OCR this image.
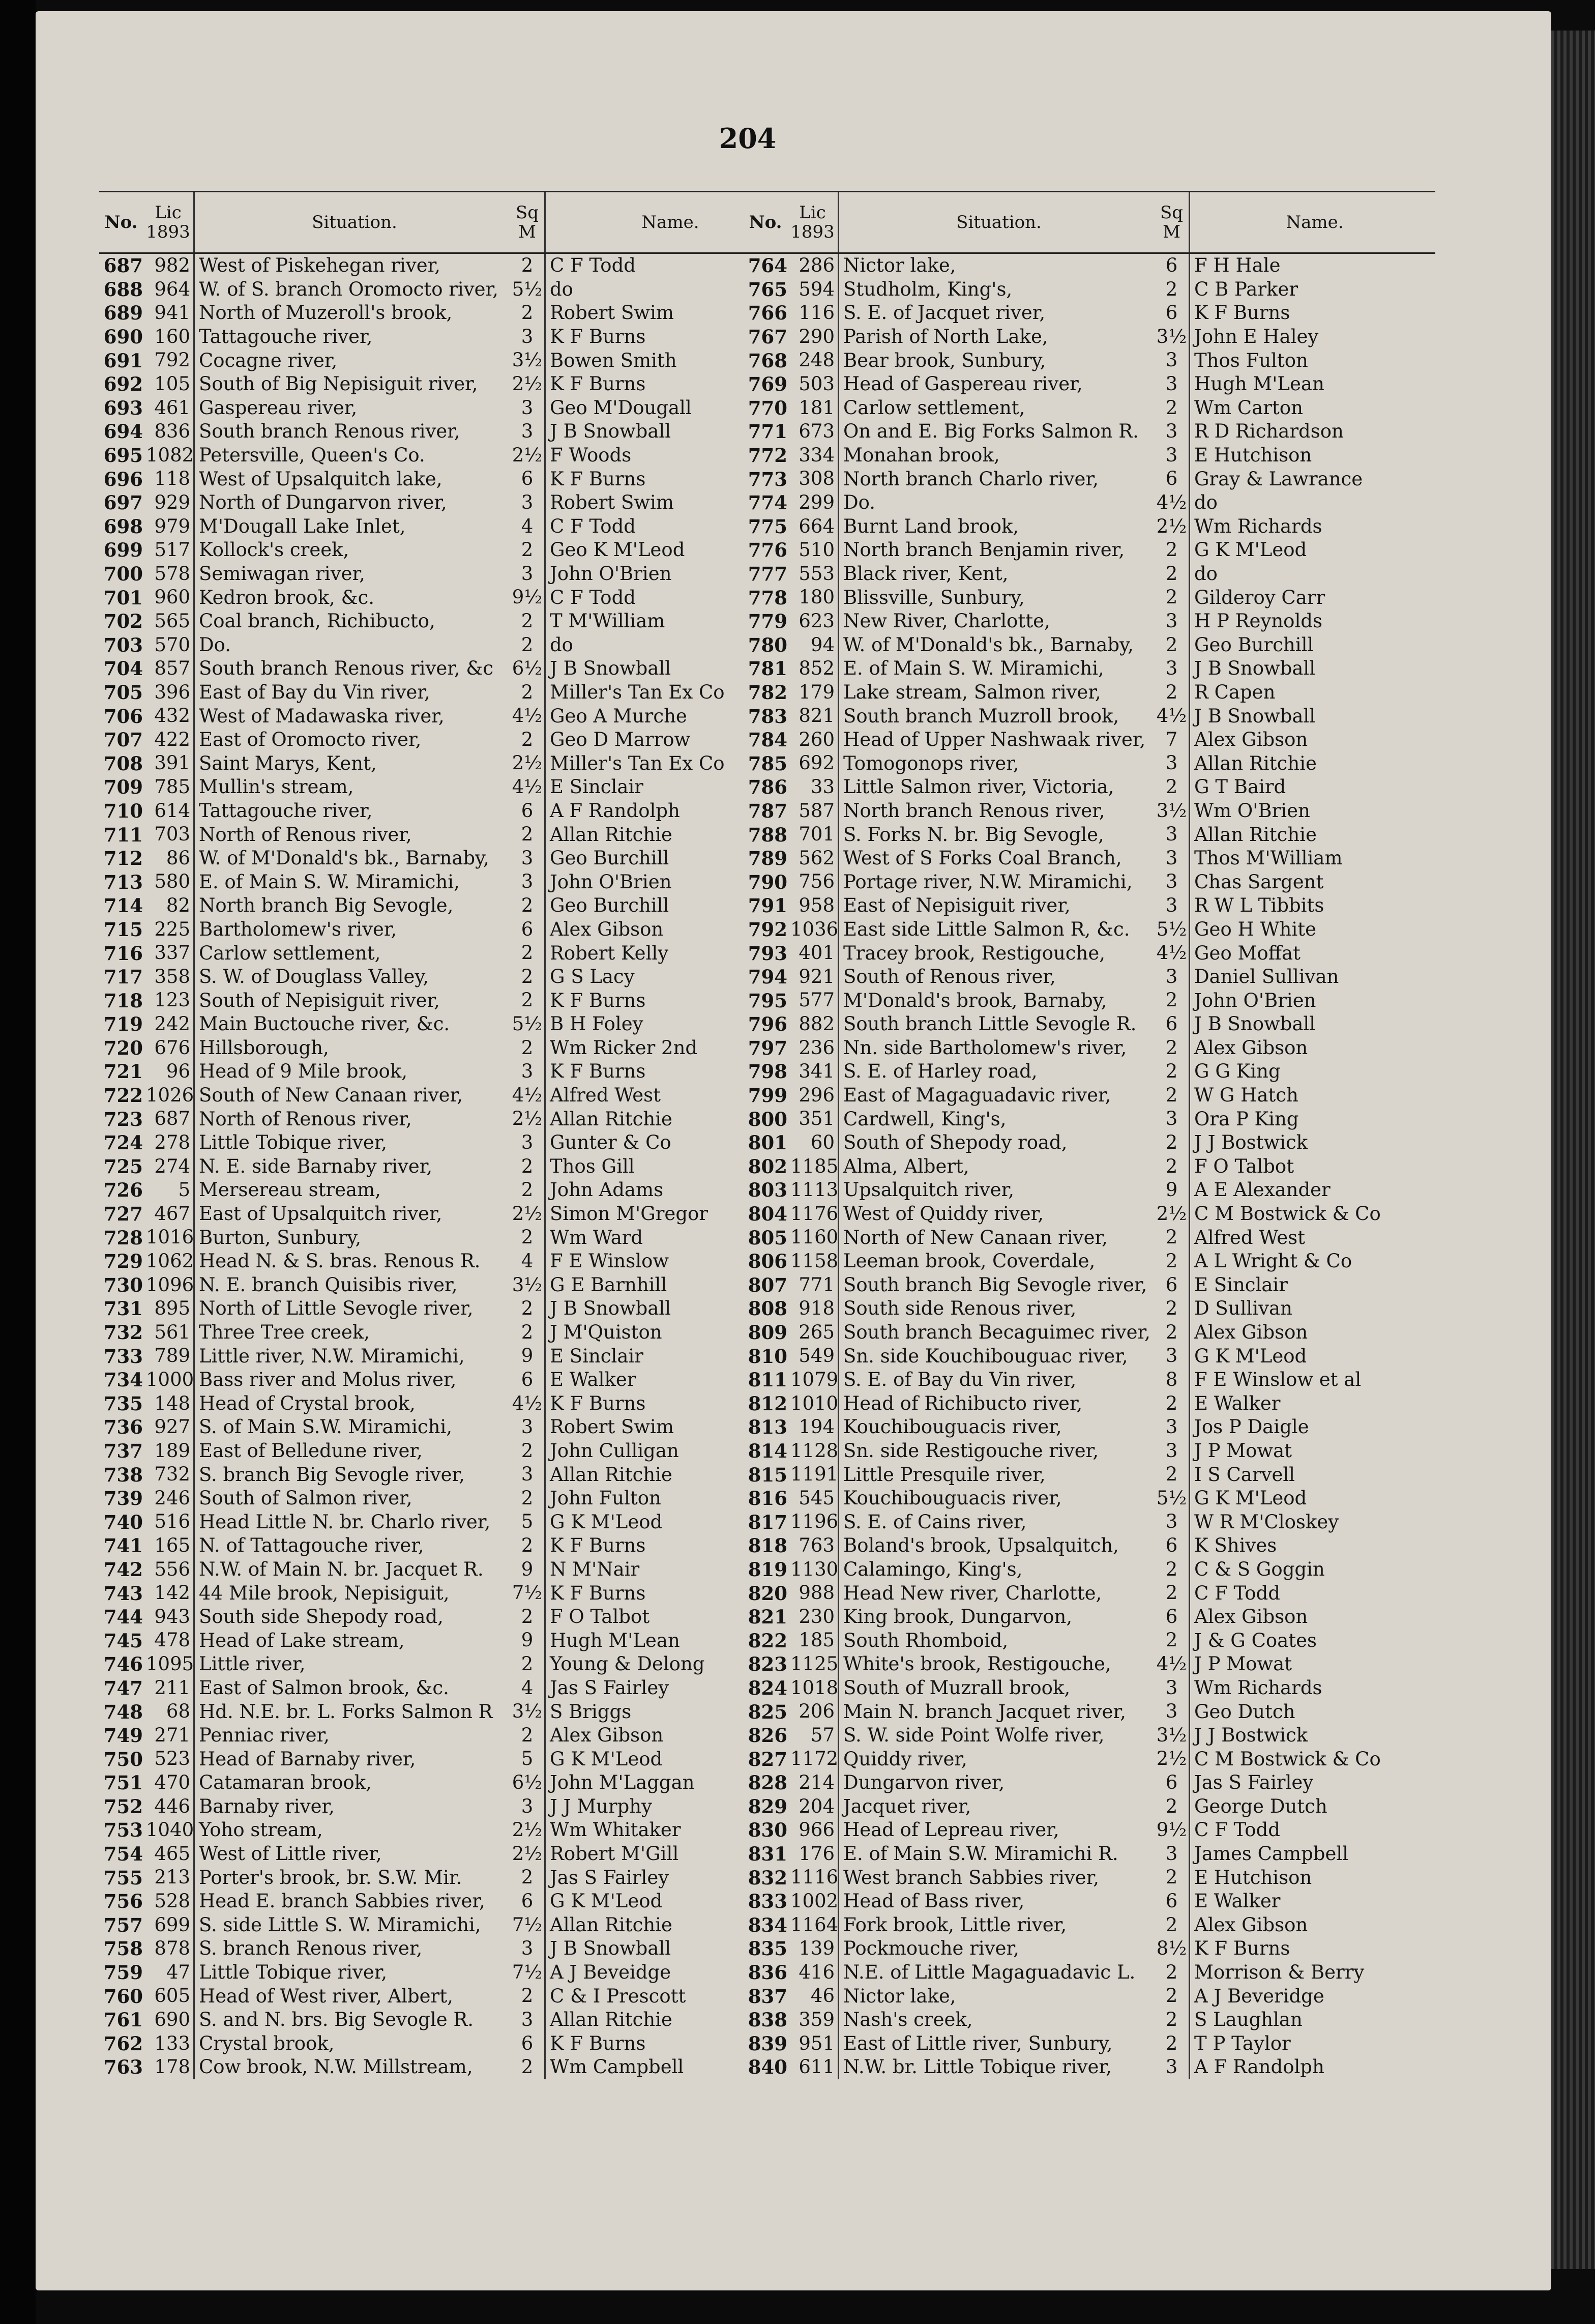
204
No. Lic 1893	Situation.	Sq M	Name.
687 982 West of Piskehegan river,	2 C F Todd
688 964 W. of S. branch Oromocto river, 5½ do
689 941 North of Muzeroll's brook,	2 Robert Swim
690 160 Tattagouche river,	3 K F Burns
691 792 Cocagne river,	3½ Bowen Smith
692 105 South of Big Nepisiguit river,	2½ K F Burns
693 461 Gaspereau river,	3 Geo M'Dougall
694 836 South branch Renous river,	3 J B Snowball
695 1082 Petersville, Queen's Co.	2½ F Woods
696 118 West of Upsalquitch lake,	6 K F Burns
697 929 North of Dungarvon river,	3 Robert Swim
698 979 M'Dougall Lake Inlet,	4 C F Todd
699 517 Kollock's creek,	2 Geo K M'Leod
700 578 Semiwagan river,	3 John O'Brien
701 960 Kedron brook, &c.	9½ C F Todd
702 565 Coal branch, Richibucto,	2 T M'William
703 570 Do.	2 do
704 857 South branch Renous river, &c 6½ J B Snowball
705 396 East of Bay du Vin river,	2 Miller's Tan Ex Co
706 432 West of Madawaska river,	4½ Geo A Murche
707 422 East of Oromocto river,	2 Geo D Marrow
708 391 Saint Marys, Kent,	2½ Miller's Tan Ex Co
709 785 Mullin's stream,	4½ E Sinclair
710 614 Tattagouche river,	6 A F Randolph
711 703 North of Renous river,	2 Allan Ritchie
712	86 W. of M'Donald's bk., Barnaby,	3 Geo Burchill
713 580 E. of Main S. W. Miramichi,	3 John O'Brien
714	82 North branch Big Sevogle,	2 Geo Burchill
715 225 Bartholomew's river,	6 Alex Gibson
716 337 Carlow settlement,	2 Robert Kelly
717 358 S. W. of Douglass Valley,	2 G S Lacy
718 123 South of Nepisiguit river,	2 K F Burns
719 242 Main Buctouche river, &c.	5½ B H Foley
720 676 Hillsborough,	2 Wm Ricker 2nd
721	96 Head of 9 Mile brook,	3 K F Burns
722 1026 South of New Canaan river,	4½ Alfred West
723 687 North of Renous river,	2½ Allan Ritchie
724 278 Little Tobique river,	3 Gunter & Co
725 274 N. E. side Barnaby river,	2 Thos Gill
726	5 Mersereau stream,	2 John Adams
727 467 East of Upsalquitch river,	2½ Simon M'Gregor
728 1016 Burton, Sunbury,	2 Wm Ward
729 1062 Head N. & S. bras. Renous R.	4 F E Winslow
730 1096 N. E. branch Quisibis river,	3½ G E Barnhill
731 895 North of Little Sevogle river,	2 J B Snowball
732 561 Three Tree creek,	2 J M'Quiston
733 789 Little river, N.W. Miramichi,	9 E Sinclair
734 1000 Bass river and Molus river,	6 E Walker
735 148 Head of Crystal brook,	4½ K F Burns
736 927 S. of Main S.W. Miramichi,	3 Robert Swim
737 189 East of Belledune river,	2 John Culligan
738 732 S. branch Big Sevogle river,	3 Allan Ritchie
739 246 South of Salmon river,	2 John Fulton
740 516 Head Little N. br. Charlo river,	5 G K M'Leod
741 165 N. of Tattagouche river,	2 K F Burns
742 556 N.W. of Main N. br. Jacquet R.	9 N M'Nair
743 142 44 Mile brook, Nepisiguit,	7½ K F Burns
744 943 South side Shepody road,	2 F O Talbot
745 478 Head of Lake stream,	9 Hugh M'Lean
746 1095 Little river,	2 Young & Delong
747 211 East of Salmon brook, &c.	4 Jas S Fairley
748	68 Hd. N.E. br. L. Forks Salmon R	3½ S Briggs
749 271 Penniac river,	2 Alex Gibson
750 523 Head of Barnaby river,	5 G K M'Leod
751 470 Catamaran brook,	6½ John M'Laggan
752 446 Barnaby river,	3 J J Murphy
753 1040 Yoho stream,	2½ Wm Whitaker
754 465 West of Little river,	2½ Robert M'Gill
755 213 Porter's brook, br. S.W. Mir.	2 Jas S Fairley
756 528 Head E. branch Sabbies river,	6 G K M'Leod
757 699 S. side Little S. W. Miramichi,	7½ Allan Ritchie
758 878 S. branch Renous river,	3 J B Snowball
759	47 Little Tobique river,	7½ A J Beveidge
760 605 Head of West river, Albert,	2 C & I Prescott
761 690 S. and N. brs. Big Sevogle R.	3 Allan Ritchie
762 133 Crystal brook,	6 K F Burns
763 178 Cow brook, N.W. Millstream,	2 Wm Campbell
No. Lic 1893	Situation.	Sq M	Name.
764 286 Nictor lake,	6 F H Hale
765 594 Studholm, King's,	2 C B Parker
766 116 S. E. of Jacquet river,	6 K F Burns
767 290 Parish of North Lake,	3½ John E Haley
768 248 Bear brook, Sunbury,	3 Thos Fulton
769 503 Head of Gaspereau river,	3 Hugh M'Lean
770 181 Carlow settlement,	2 Wm Carton
771 673 On and E. Big Forks Salmon R.	3 R D Richardson
772 334 Monahan brook,	3 E Hutchison
773 308 North branch Charlo river,	6 Gray & Lawrance
774 299 Do.	4½ do
775 664 Burnt Land brook,	2½ Wm Richards
776 510 North branch Benjamin river,	2 G K M'Leod
777 553 Black river, Kent,	2 do
778 180 Blissville, Sunbury,	2 Gilderoy Carr
779 623 New River, Charlotte,	3 H P Reynolds
780	94 W. of M'Donald's bk., Barnaby,	2 Geo Burchill
781 852 E. of Main S. W. Miramichi,	3 J B Snowball
782 179 Lake stream, Salmon river,	2 R Capen
783 821 South branch Muzroll brook,	4½ J B Snowball
784 260 Head of Upper Nashwaak river,	7 Alex Gibson
785 692 Tomogonops river,	3 Allan Ritchie
786	33 Little Salmon river, Victoria,	2 G T Baird
787 587 North branch Renous river,	3½ Wm O'Brien
788 701 S. Forks N. br. Big Sevogle,	3 Allan Ritchie
789 562 West of S Forks Coal Branch,	3 Thos M'William
790 756 Portage river, N.W. Miramichi,	3 Chas Sargent
791 958 East of Nepisiguit river,	3 R W L Tibbits
792 1036 East side Little Salmon R, &c.	5½ Geo H White
793 401 Tracey brook, Restigouche,	4½ Geo Moffat
794 921 South of Renous river,	3 Daniel Sullivan
795 577 M'Donald's brook, Barnaby,	2 John O'Brien
796 882 South branch Little Sevogle R.	6 J B Snowball
797 236 Nn. side Bartholomew's river,	2 Alex Gibson
798 341 S. E. of Harley road,	2 G G King
799 296 East of Magaguadavic river,	2 W G Hatch
800 351 Cardwell, King's,	3 Ora P King
801	60 South of Shepody road,	2 J J Bostwick
802 1185 Alma, Albert,	2 F O Talbot
803 1113 Upsalquitch river,	9 A E Alexander
804 1176 West of Quiddy river,	2½ C M Bostwick & Co
805 1160 North of New Canaan river,	2 Alfred West
806 1158 Leeman brook, Coverdale,	2 A L Wright & Co
807 771 South branch Big Sevogle river, 6 E Sinclair
808 918 South side Renous river,	2 D Sullivan
809 265 South branch Becaguimec river, 2 Alex Gibson
810 549 Sn. side Kouchibouguac river,	3 G K M'Leod
811 1079 S. E. of Bay du Vin river,	8 F E Winslow et al
812 1010 Head of Richibucto river,	2 E Walker
813 194 Kouchibouguacis river,	3 Jos P Daigle
814 1128 Sn. side Restigouche river,	3 J P Mowat
815 1191 Little Presquile river,	2 I S Carvell
816 545 Kouchibouguacis river,	5½ G K M'Leod
817 1196 S. E. of Cains river,	3 W R M'Closkey
818 763 Boland's brook, Upsalquitch,	6 K Shives
819 1130 Calamingo, King's,	2 C & S Goggin
820 988 Head New river, Charlotte,	2 C F Todd
821 230 King brook, Dungarvon,	6 Alex Gibson
822 185 South Rhomboid,	2 J & G Coates
823 1125 White's brook, Restigouche,	4½ J P Mowat
824 1018 South of Muzrall brook,	3 Wm Richards
825 206 Main N. branch Jacquet river,	3 Geo Dutch
826	57 S. W. side Point Wolfe river,	3½ J J Bostwick
827 1172 Quiddy river,	2½ C M Bostwick & Co
828 214 Dungarvon river,	6 Jas S Fairley
829 204 Jacquet river,	2 George Dutch
830 966 Head of Lepreau river,	9½ C F Todd
831 176 E. of Main S.W. Miramichi R.	3 James Campbell
832 1116 West branch Sabbies river,	2 E Hutchison
833 1002 Head of Bass river,	6 E Walker
834 1164 Fork brook, Little river,	2 Alex Gibson
835 139 Pockmouche river,	8½ K F Burns
836 416 N.E. of Little Magaguadavic L.	2 Morrison & Berry
837	46 Nictor lake,	2 A J Beveridge
838 359 Nash's creek,	2 S Laughlan
839 951 East of Little river, Sunbury,	2 T P Taylor
840 611 N.W. br. Little Tobique river,	3 A F Randolph
